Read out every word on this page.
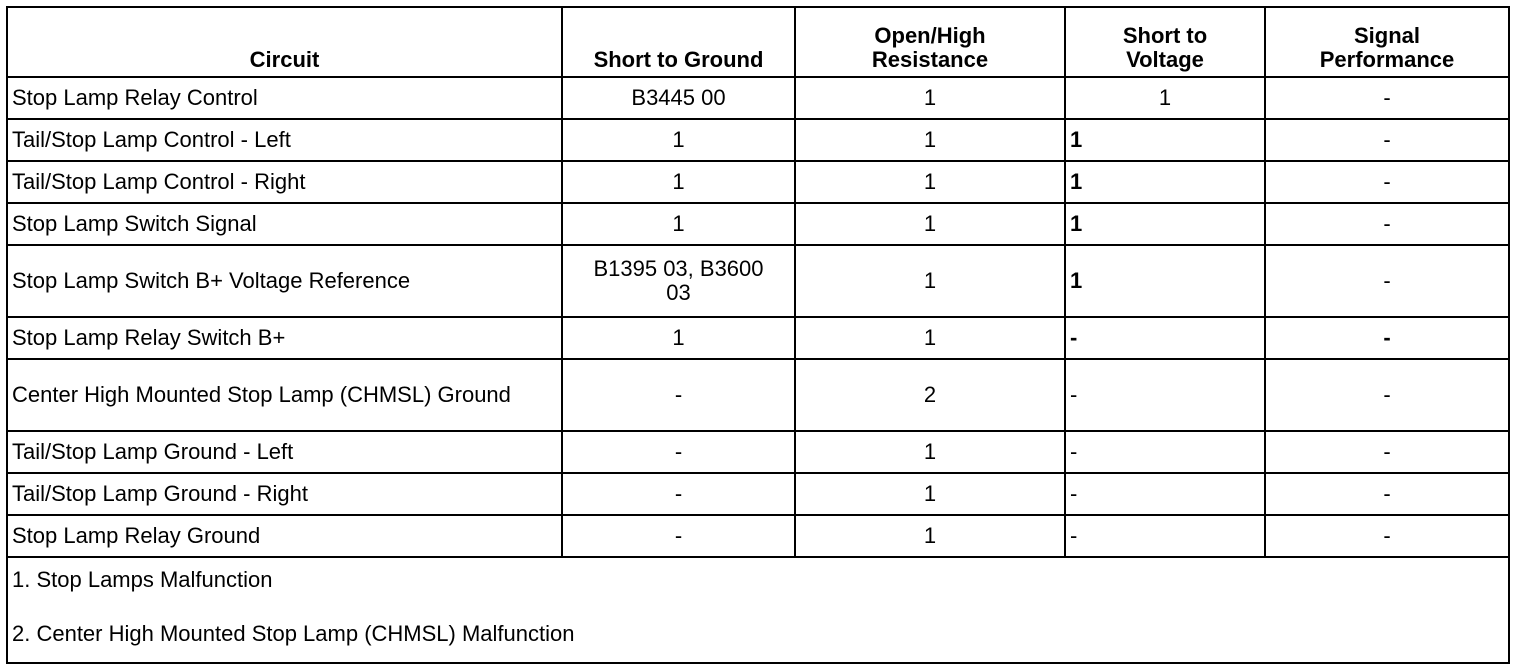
Circuit	Short to Ground	Open/High Resistance	Short to Voltage	Signal Performance
Stop Lamp Relay Control	B3445 00	1	1	-
Tail/Stop Lamp Control - Left	1	1	1	-
Tail/Stop Lamp Control - Right	1	1	1	-
Stop Lamp Switch Signal	1	1	1	-
Stop Lamp Switch B+ Voltage Reference	B1395 03, B3600 03	1	1	-
Stop Lamp Relay Switch B+	1	1	-	-
Center High Mounted Stop Lamp (CHMSL) Ground	-	2	-	-
Tail/Stop Lamp Ground - Left	-	1	-	-
Tail/Stop Lamp Ground - Right	-	1	-	-
Stop Lamp Relay Ground	-	1	-	-

1. Stop Lamps Malfunction
2. Center High Mounted Stop Lamp (CHMSL) Malfunction				
